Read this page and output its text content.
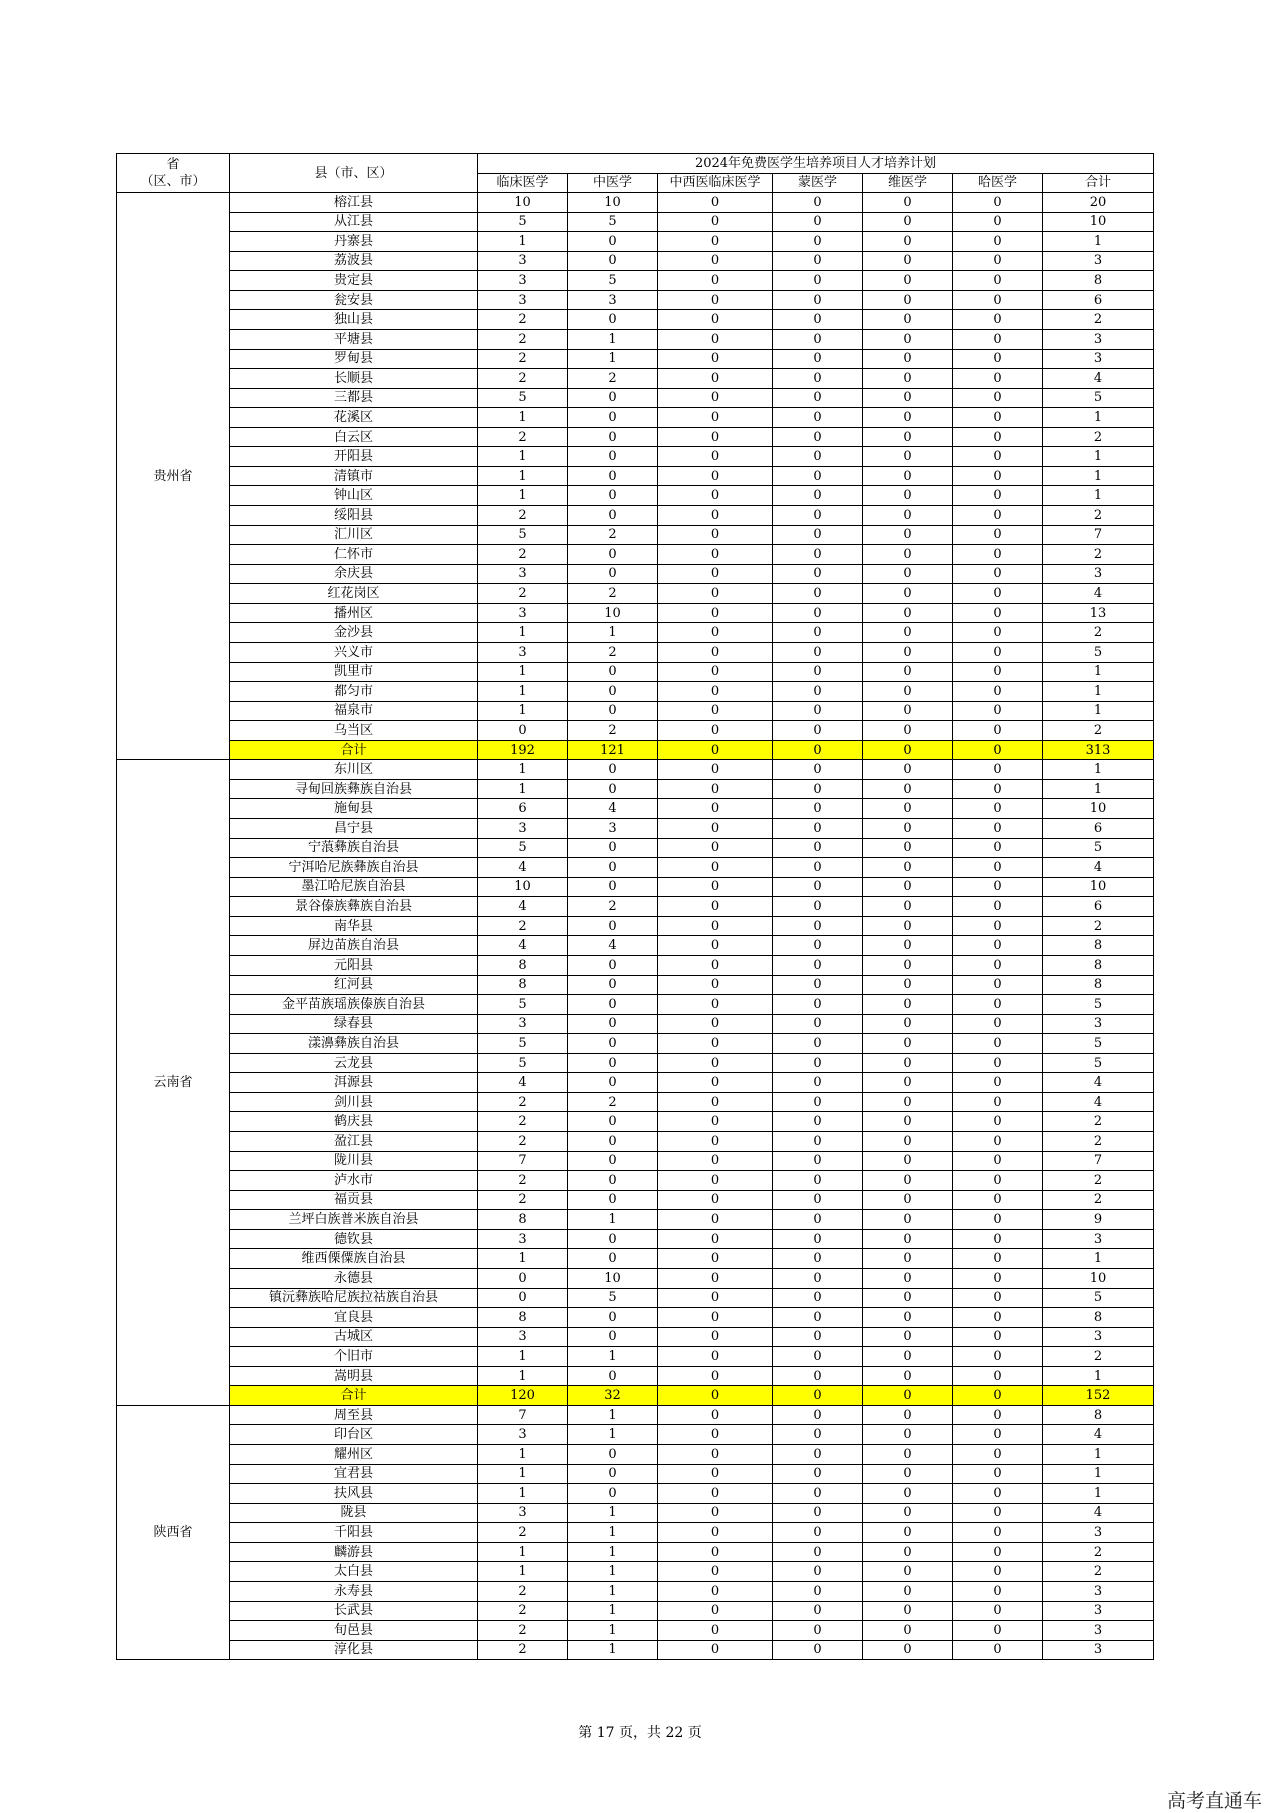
省
（区、市）	县（市、区）	2024年免费医学生培养项目人才培养计划						
		临床医学	中医学	中西医临床医学	蒙医学	维医学	哈医学	合计
贵州省	榕江县	10	10	0	0	0	0	20
	从江县	5	5	0	0	0	0	10
	丹寨县	1	0	0	0	0	0	1
	荔波县	3	0	0	0	0	0	3
	贵定县	3	5	0	0	0	0	8
	瓮安县	3	3	0	0	0	0	6
	独山县	2	0	0	0	0	0	2
	平塘县	2	1	0	0	0	0	3
	罗甸县	2	1	0	0	0	0	3
	长顺县	2	2	0	0	0	0	4
	三都县	5	0	0	0	0	0	5
	花溪区	1	0	0	0	0	0	1
	白云区	2	0	0	0	0	0	2
	开阳县	1	0	0	0	0	0	1
	清镇市	1	0	0	0	0	0	1
	钟山区	1	0	0	0	0	0	1
	绥阳县	2	0	0	0	0	0	2
	汇川区	5	2	0	0	0	0	7
	仁怀市	2	0	0	0	0	0	2
	余庆县	3	0	0	0	0	0	3
	红花岗区	2	2	0	0	0	0	4
	播州区	3	10	0	0	0	0	13
	金沙县	1	1	0	0	0	0	2
	兴义市	3	2	0	0	0	0	5
	凯里市	1	0	0	0	0	0	1
	都匀市	1	0	0	0	0	0	1
	福泉市	1	0	0	0	0	0	1
	乌当区	0	2	0	0	0	0	2
	合计	192	121	0	0	0	0	313
云南省	东川区	1	0	0	0	0	0	1
	寻甸回族彝族自治县	1	0	0	0	0	0	1
	施甸县	6	4	0	0	0	0	10
	昌宁县	3	3	0	0	0	0	6
	宁蒗彝族自治县	5	0	0	0	0	0	5
	宁洱哈尼族彝族自治县	4	0	0	0	0	0	4
	墨江哈尼族自治县	10	0	0	0	0	0	10
	景谷傣族彝族自治县	4	2	0	0	0	0	6
	南华县	2	0	0	0	0	0	2
	屏边苗族自治县	4	4	0	0	0	0	8
	元阳县	8	0	0	0	0	0	8
	红河县	8	0	0	0	0	0	8
	金平苗族瑶族傣族自治县	5	0	0	0	0	0	5
	绿春县	3	0	0	0	0	0	3
	漾濞彝族自治县	5	0	0	0	0	0	5
	云龙县	5	0	0	0	0	0	5
	洱源县	4	0	0	0	0	0	4
	剑川县	2	2	0	0	0	0	4
	鹤庆县	2	0	0	0	0	0	2
	盈江县	2	0	0	0	0	0	2
	陇川县	7	0	0	0	0	0	7
	泸水市	2	0	0	0	0	0	2
	福贡县	2	0	0	0	0	0	2
	兰坪白族普米族自治县	8	1	0	0	0	0	9
	德钦县	3	0	0	0	0	0	3
	维西傈僳族自治县	1	0	0	0	0	0	1
	永德县	0	10	0	0	0	0	10
	镇沅彝族哈尼族拉祜族自治县	0	5	0	0	0	0	5
	宜良县	8	0	0	0	0	0	8
	古城区	3	0	0	0	0	0	3
	个旧市	1	1	0	0	0	0	2
	嵩明县	1	0	0	0	0	0	1
	合计	120	32	0	0	0	0	152
陕西省	周至县	7	1	0	0	0	0	8
	印台区	3	1	0	0	0	0	4
	耀州区	1	0	0	0	0	0	1
	宜君县	1	0	0	0	0	0	1
	扶风县	1	0	0	0	0	0	1
	陇县	3	1	0	0	0	0	4
	千阳县	2	1	0	0	0	0	3
	麟游县	1	1	0	0	0	0	2
	太白县	1	1	0	0	0	0	2
	永寿县	2	1	0	0	0	0	3
	长武县	2	1	0	0	0	0	3
	旬邑县	2	1	0	0	0	0	3
	淳化县	2	1	0	0	0	0	3
第 17 页，共 22 页
高考直通车
